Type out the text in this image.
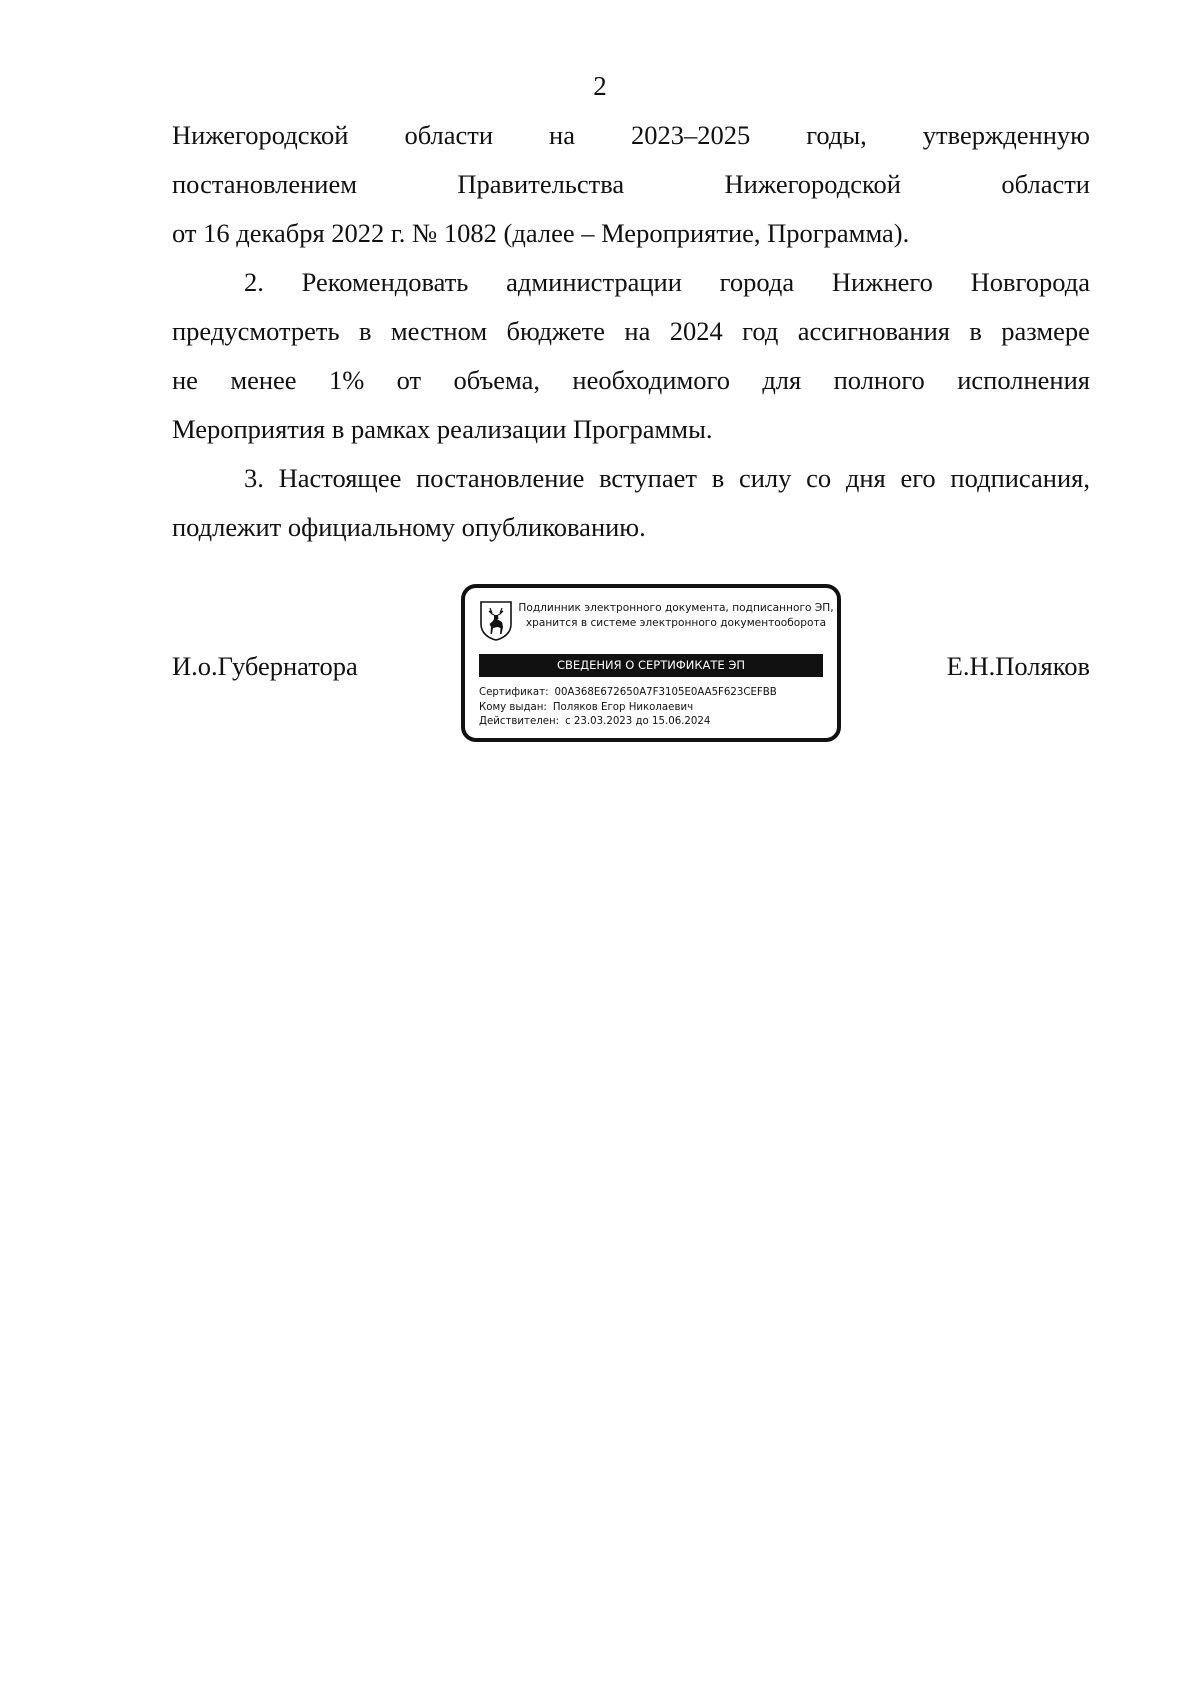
2
Нижегородской области на 2023–2025 годы, утвержденную
постановлением	Правительства	Нижегородской	области
от 16 декабря 2022 г. № 1082 (далее – Мероприятие, Программа).
2. Рекомендовать администрации города Нижнего Новгорода
предусмотреть в местном бюджете на 2024 год ассигнования в размере
не менее 1% от объема, необходимого для полного исполнения
Мероприятия в рамках реализации Программы.
3. Настоящее постановление вступает в силу со дня его подписания,
подлежит официальному опубликованию.
И.о.Губернатора
Подлинник электронного документа, подписанного ЭП,
хранится в системе электронного документооборота
СВЕДЕНИЯ О СЕРТИФИКАТЕ ЭП
Сертификат: 00A368E672650A7F3105E0AA5F623CEFBB
Кому выдан: Поляков Егор Николаевич
Действителен: с 23.03.2023 до 15.06.2024
Е.Н.Поляков
